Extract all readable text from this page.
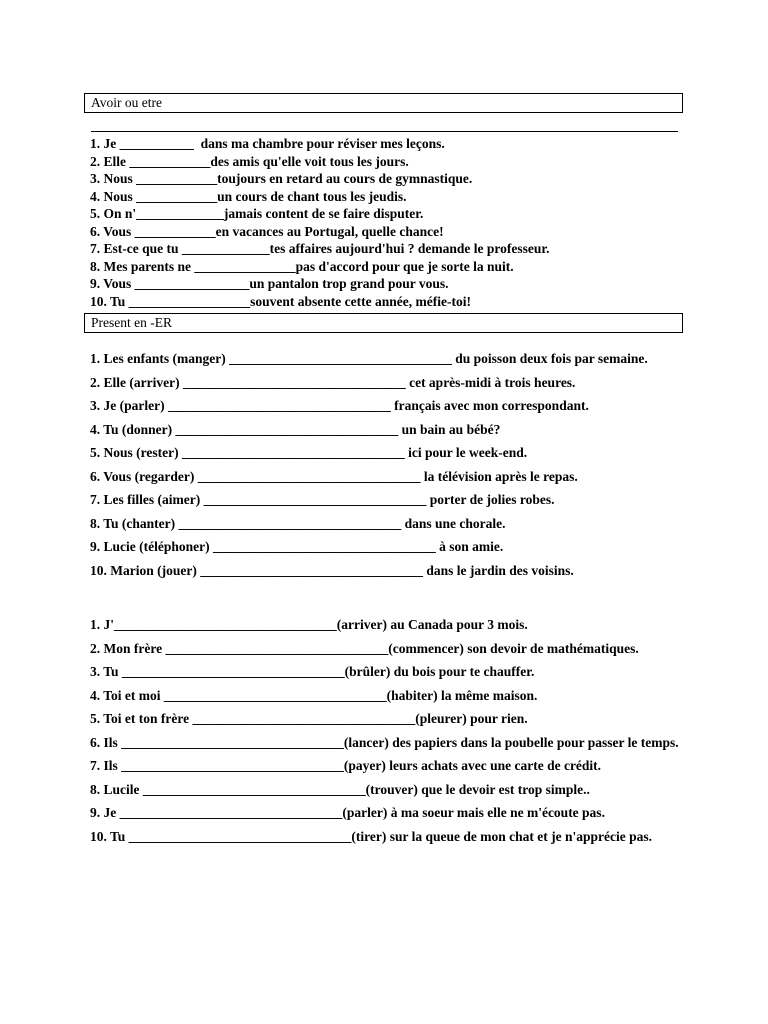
Avoir ou etre
1. Je ___________  dans ma chambre pour réviser mes leçons.
2. Elle ____________des amis qu'elle voit tous les jours.
3. Nous ____________toujours en retard au cours de gymnastique.
4. Nous ____________un cours de chant tous les jeudis.
5. On n'_____________jamais content de se faire disputer.
6. Vous ____________en vacances au Portugal, quelle chance!
7. Est-ce que tu _____________tes affaires aujourd'hui ? demande le professeur.
8. Mes parents ne _______________pas d'accord pour que je sorte la nuit.
9. Vous _________________un pantalon trop grand pour vous.
10. Tu __________________souvent absente cette année, méfie-toi!
Present en -ER
1. Les enfants (manger) _________________________________ du poisson deux fois par semaine.
2. Elle (arriver) _________________________________ cet après-midi à trois heures.
3. Je (parler) _________________________________ français avec mon correspondant.
4. Tu (donner) _________________________________ un bain au bébé?
5. Nous (rester) _________________________________ ici pour le week-end.
6. Vous (regarder) _________________________________ la télévision après le repas.
7. Les filles (aimer) _________________________________ porter de jolies robes.
8. Tu (chanter) _________________________________ dans une chorale.
9. Lucie (téléphoner) _________________________________ à son amie.
10. Marion (jouer) _________________________________ dans le jardin des voisins.
1. J'_________________________________(arriver) au Canada pour 3 mois.
2. Mon frère _________________________________(commencer) son devoir de mathématiques.
3. Tu _________________________________(brûler) du bois pour te chauffer.
4. Toi et moi _________________________________(habiter) la même maison.
5. Toi et ton frère _________________________________(pleurer) pour rien.
6. Ils _________________________________(lancer) des papiers dans la poubelle pour passer le temps.
7. Ils _________________________________(payer) leurs achats avec une carte de crédit.
8. Lucile _________________________________(trouver) que le devoir est trop simple..
9. Je _________________________________(parler) à ma soeur mais elle ne m'écoute pas.
10. Tu _________________________________(tirer) sur la queue de mon chat et je n'apprécie pas.
